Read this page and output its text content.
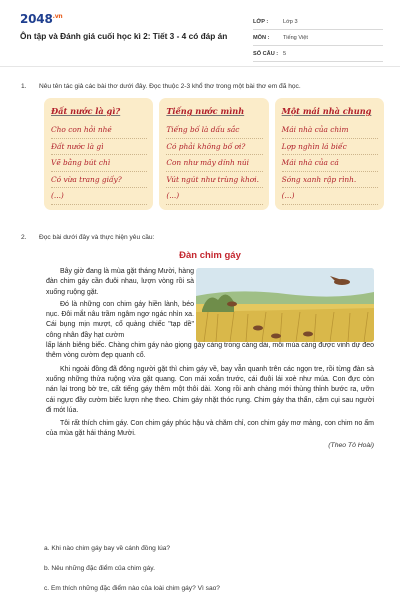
$2048^{.vn}$
Ôn tập và Đánh giá cuối học kì 2: Tiết 3 - 4 có đáp án
LỚP :	Lớp 3
MÔN :	Tiếng Việt
SỐ CÂU : 5
1. Nêu tên tác giả các bài thơ dưới đây. Đọc thuộc 2-3 khổ thơ trong một bài thơ em đã học.
Đất nước là gì?
Cho con hỏi nhé
Đất nước là gì
Vẽ bằng bút chì
Có vừa trang giấy?
(...)
Tiếng nước mình
Tiếng bố là dấu sắc
Có phải không bố ơi?
Con như mây dính núi
Vút ngút như trùng khơi.
(...)
Một mái nhà chung
Mái nhà của chim
Lợp nghìn lá biếc
Mái nhà của cá
Sóng xanh rập rình.
(...)
2. Đọc bài dưới đây và thực hiện yêu cầu:
Đàn chim gáy

Bây giờ đang là mùa gặt tháng Mười, hàng đàn chim gáy cần đuôi nhau, lượn vòng rồi sà xuống ruộng gặt.

Đó là những con chim gáy hiền lành, béo nục. Đôi mắt nâu trầm ngâm ngơ ngác nhìn xa. Cái bụng mịn mượt, cổ quàng chiếc "tạp dề" công nhân đầy hạt cườm

lấp lánh biêng biếc. Chàng chim gáy nào giọng gáy càng trong càng dài, mỗi mùa càng được vinh dự đeo thêm vòng cườm đẹp quanh cổ.

Khi ngoài đồng đã đông người gặt thì chim gáy về, bay vẫn quanh trên các ngọn tre, rồi từng đàn sà xuống những thửa ruộng vừa gặt quang. Con mái xoắn trước, cái đuôi lái xoè như múa. Con đực còn nán lại trong bờ tre, cất tiếng gáy thêm một thôi dài. Xong rồi anh chàng mới thủng thỉnh bước ra, ưỡn cái ngực đầy cườm biếc lượn nhẹ theo. Chim gáy nhặt thóc rụng. Chim gáy tha thẩn, cặm cụi sau người đi mót lúa.

Tôi rất thích chim gáy. Con chim gáy phúc hậu và chăm chỉ, con chim gáy mơ màng, con chim no ấm của mùa gặt hái tháng Mười.

(Theo Tô Hoài)
a. Khi nào chim gáy bay về cánh đồng lúa?
b. Nêu những đặc điểm của chim gáy.
c. Em thích những đặc điểm nào của loài chim gáy? Vì sao?
